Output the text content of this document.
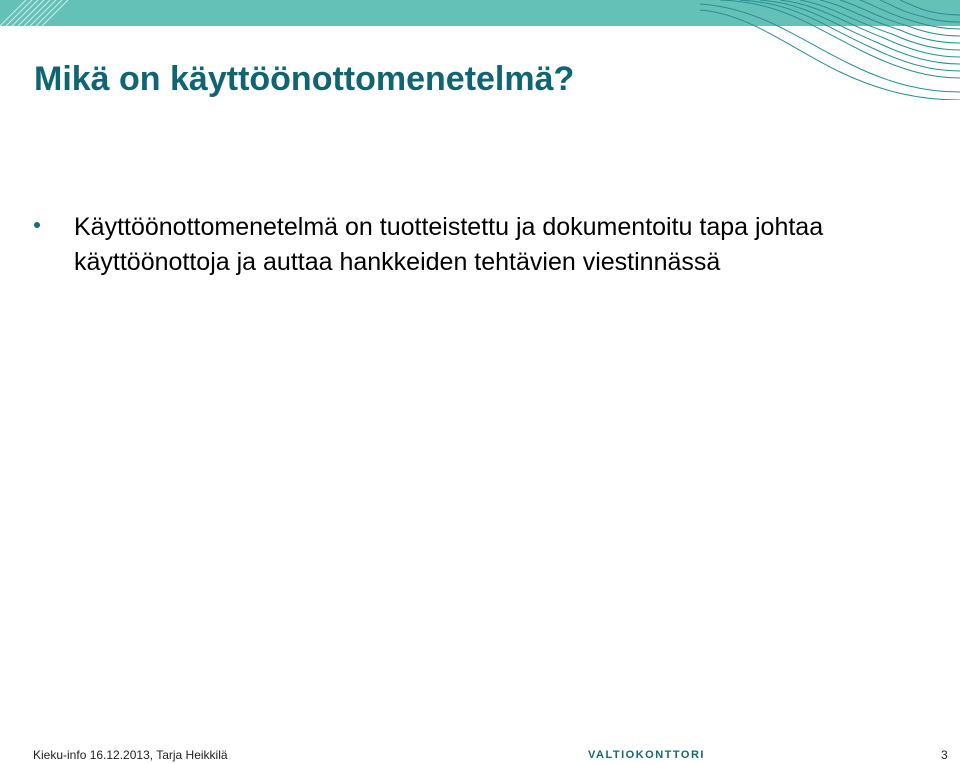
Mikä on käyttöönottomenetelmä?
Käyttöönottomenetelmä on tuotteistettu ja dokumentoitu tapa johtaa käyttöönottoja ja auttaa hankkeiden tehtävien viestinnässä
Kieku-info 16.12.2013, Tarja Heikkilä	VALTIOKONTTORI	3
